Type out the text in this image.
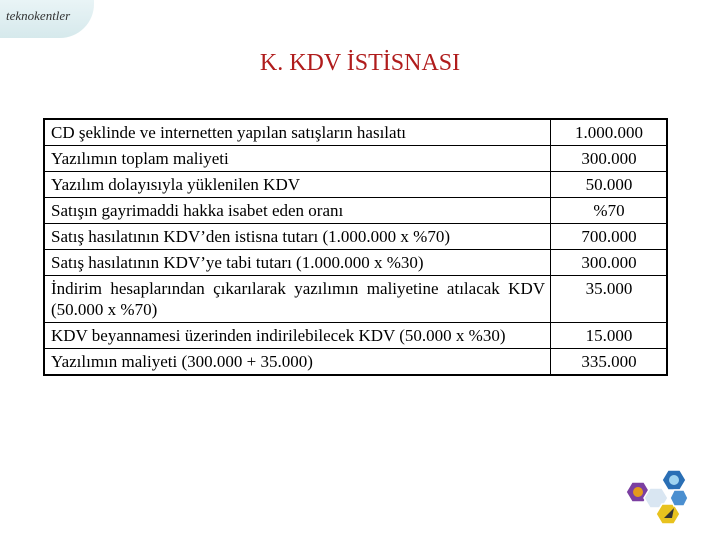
teknokentler
K. KDV İSTİSNASI
CD şeklinde ve internetten yapılan satışların hasılatı	1.000.000
Yazılımın toplam maliyeti	300.000
Yazılım dolayısıyla yüklenilen KDV	50.000
Satışın gayrimaddi hakka isabet eden oranı	%70
Satış hasılatının KDV’den istisna tutarı (1.000.000 x %70)	700.000
Satış hasılatının KDV’ye tabi tutarı (1.000.000 x %30)	300.000
İndirim hesaplarından çıkarılarak yazılımın maliyetine atılacak KDV (50.000 x %70)	35.000
KDV beyannamesi üzerinden indirilebilecek KDV (50.000 x %30)	15.000
Yazılımın maliyeti (300.000 + 35.000)	335.000
